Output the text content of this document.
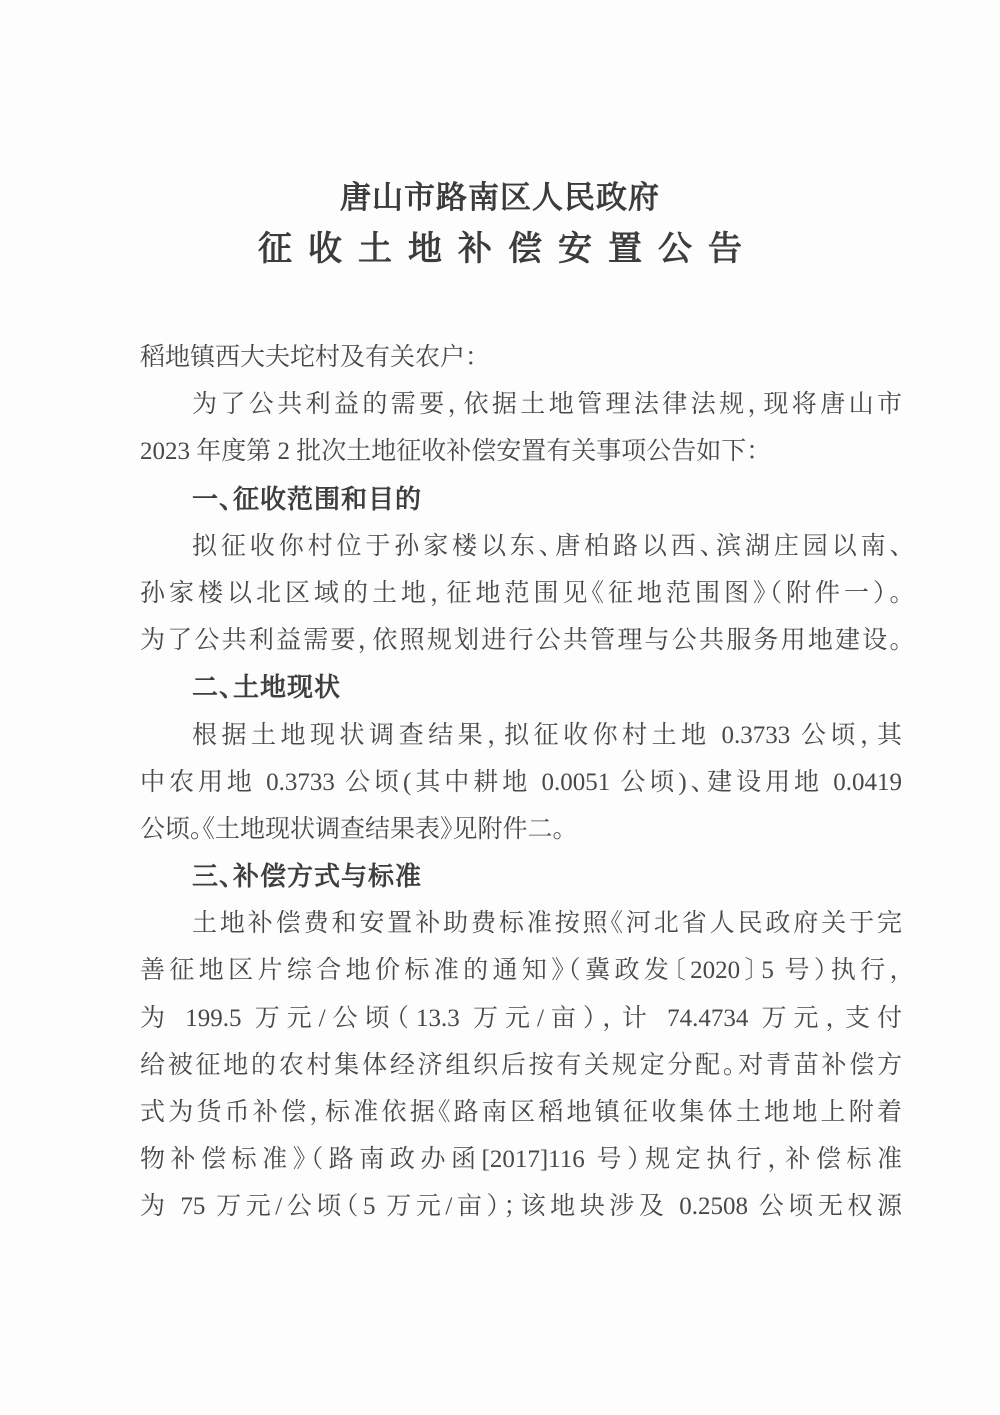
唐山市路南区人民政府
征收土地补偿安置公告
稻地镇西大夫坨村及有关农户：
为了公共利益的需要，依据土地管理法律法规，现将唐山市
2023 年度第 2 批次土地征收补偿安置有关事项公告如下：
一、征收范围和目的
拟征收你村位于孙家楼以东、唐柏路以西、滨湖庄园以南、
孙家楼以北区域的土地，征地范围见《征地范围图》（附件一）。
为了公共利益需要，依照规划进行公共管理与公共服务用地建设。
二、土地现状
根据土地现状调查结果，拟征收你村土地 0.3733 公顷，其
中农用地 0.3733 公顷(其中耕地 0.0051 公顷)、建设用地 0.0419
公顷。《土地现状调查结果表》见附件二。
三、补偿方式与标准
土地补偿费和安置补助费标准按照《河北省人民政府关于完
善征地区片综合地价标准的通知》（冀政发〔2020〕5 号）执行，
为 199.5 万元/公顷（13.3 万元/亩），计 74.4734 万元，支付
给被征地的农村集体经济组织后按有关规定分配。对青苗补偿方
式为货币补偿，标准依据《路南区稻地镇征收集体土地地上附着
物补偿标准》（路南政办函[2017]116 号）规定执行，补偿标准
为 75 万元/公顷（5 万元/亩）；该地块涉及 0.2508 公顷无权源
